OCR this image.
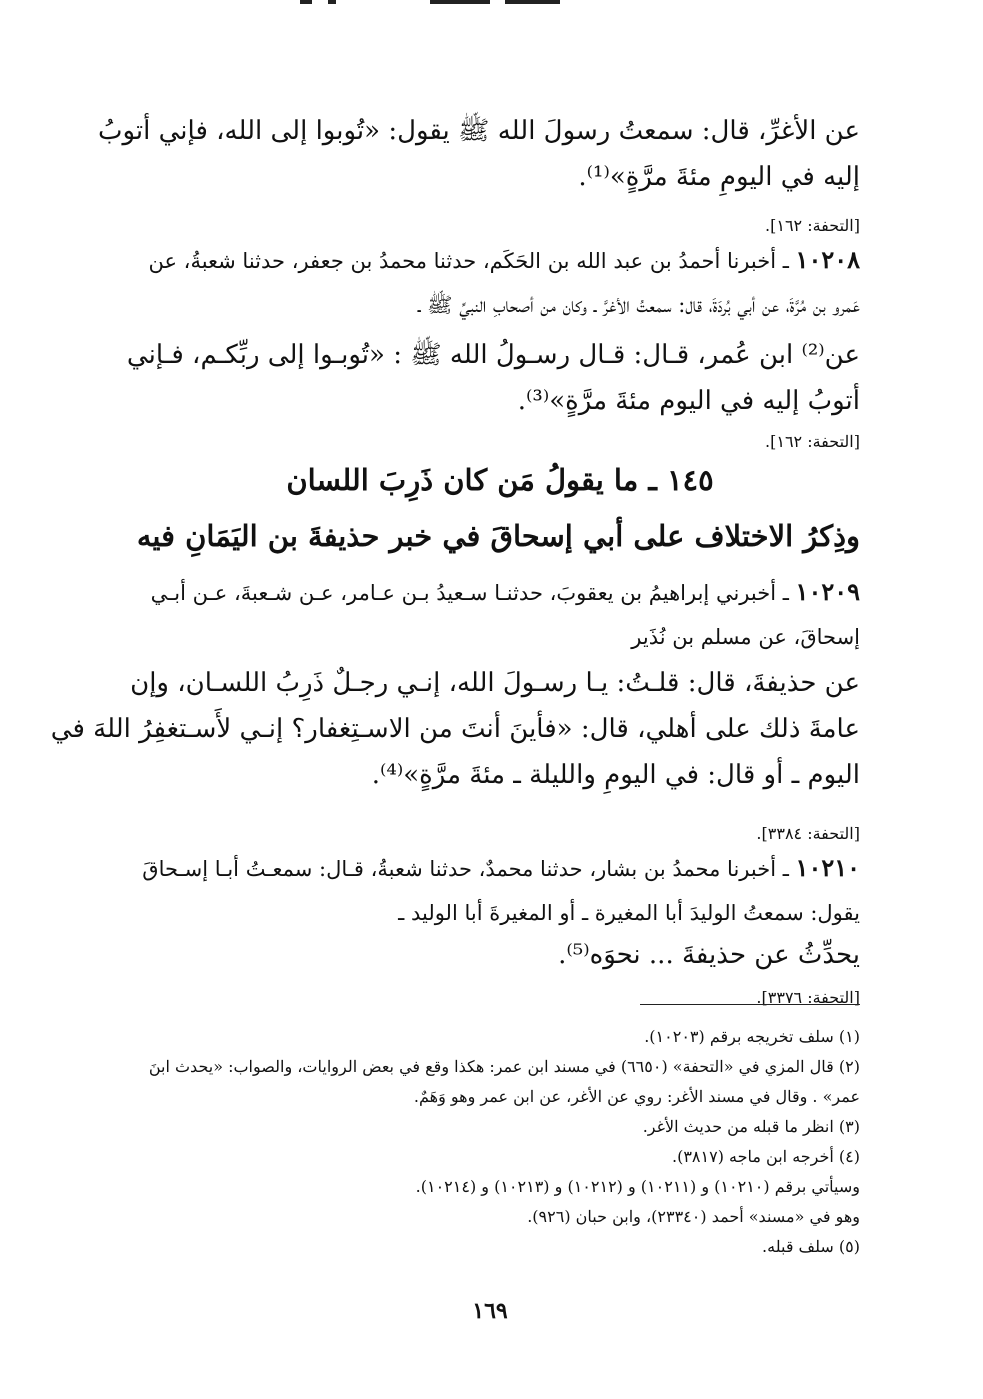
عن الأغرِّ، قال: سمعتُ رسولَ الله ﷺ يقول: «تُوبوا إلى الله، فإني أتوبُ
إليه في اليومِ مئةَ مرَّةٍ»⁽¹⁾.
[التحفة: ١٦٢].
١٠٢٠٨ ـ أخبرنا أحمدُ بن عبد الله بن الحَكَم، حدثنا محمدُ بن جعفر، حدثنا شعبةُ، عن
عَمرو بن مُرَّةَ، عن أبي بُردَةَ، قال: سمعتُ الأغرَّ ـ وكان من أصحابِ النبيِّ ﷺ ـ
عن⁽²⁾ ابن عُمر، قـال: قـال رسـولُ الله ﷺ : «تُوبـوا إلى ربِّكـم، فـإني
أتوبُ إليه في اليوم مئةَ مرَّةٍ»⁽³⁾.
[التحفة: ١٦٢].
١٤٥ ـ ما يقولُ مَن كان ذَرِبَ اللسان
وذِكرُ الاختلاف على أبي إسحاقَ في خبر حذيفةَ بن اليَمَانِ فيه
١٠٢٠٩ ـ أخبرني إبراهيمُ بن يعقوبَ، حدثنـا سـعيدُ بـن عـامر، عـن شـعبةَ، عـن أبـي
إسحاقَ، عن مسلم بن نُذَير
عن حذيفةَ، قال: قلـتُ: يـا رسـولَ الله، إنـي رجـلٌ ذَرِبُ اللسـان، وإن
عامةَ ذلك على أهلي، قال: «فأينَ أنتَ من الاسـتِغفار؟ إنـي لأَسـتغفِرُ اللهَ في
اليوم ـ أو قال: في اليومِ والليلة ـ مئةَ مرَّةٍ»⁽⁴⁾.
[التحفة: ٣٣٨٤].
١٠٢١٠ ـ أخبرنا محمدُ بن بشار، حدثنا محمدٌ، حدثنا شعبةُ، قـال: سمعـتُ أبـا إسـحاقَ
يقول: سمعتُ الوليدَ أبا المغيرة ـ أو المغيرةَ أبا الوليد ـ
يحدِّثُ عن حذيفةَ ... نحوَه⁽⁵⁾.
[التحفة: ٣٣٧٦].
(١) سلف تخريجه برقم (١٠٢٠٣).
(٢) قال المزي في «التحفة» (٦٦٥٠) في مسند ابن عمر: هكذا وقع في بعض الروايات، والصواب: «يحدث ابنَ
عمر» . وقال في مسند الأغر: روي عن الأغر، عن ابن عمر وهو وَهَمٌ.
(٣) انظر ما قبله من حديث الأغر.
(٤) أخرجه ابن ماجه (٣٨١٧).
وسيأتي برقم (١٠٢١٠) و (١٠٢١١) و (١٠٢١٢) و (١٠٢١٣) و (١٠٢١٤).
وهو في «مسند» أحمد (٢٣٣٤٠)، وابن حبان (٩٢٦).
(٥) سلف قبله.
١٦٩
